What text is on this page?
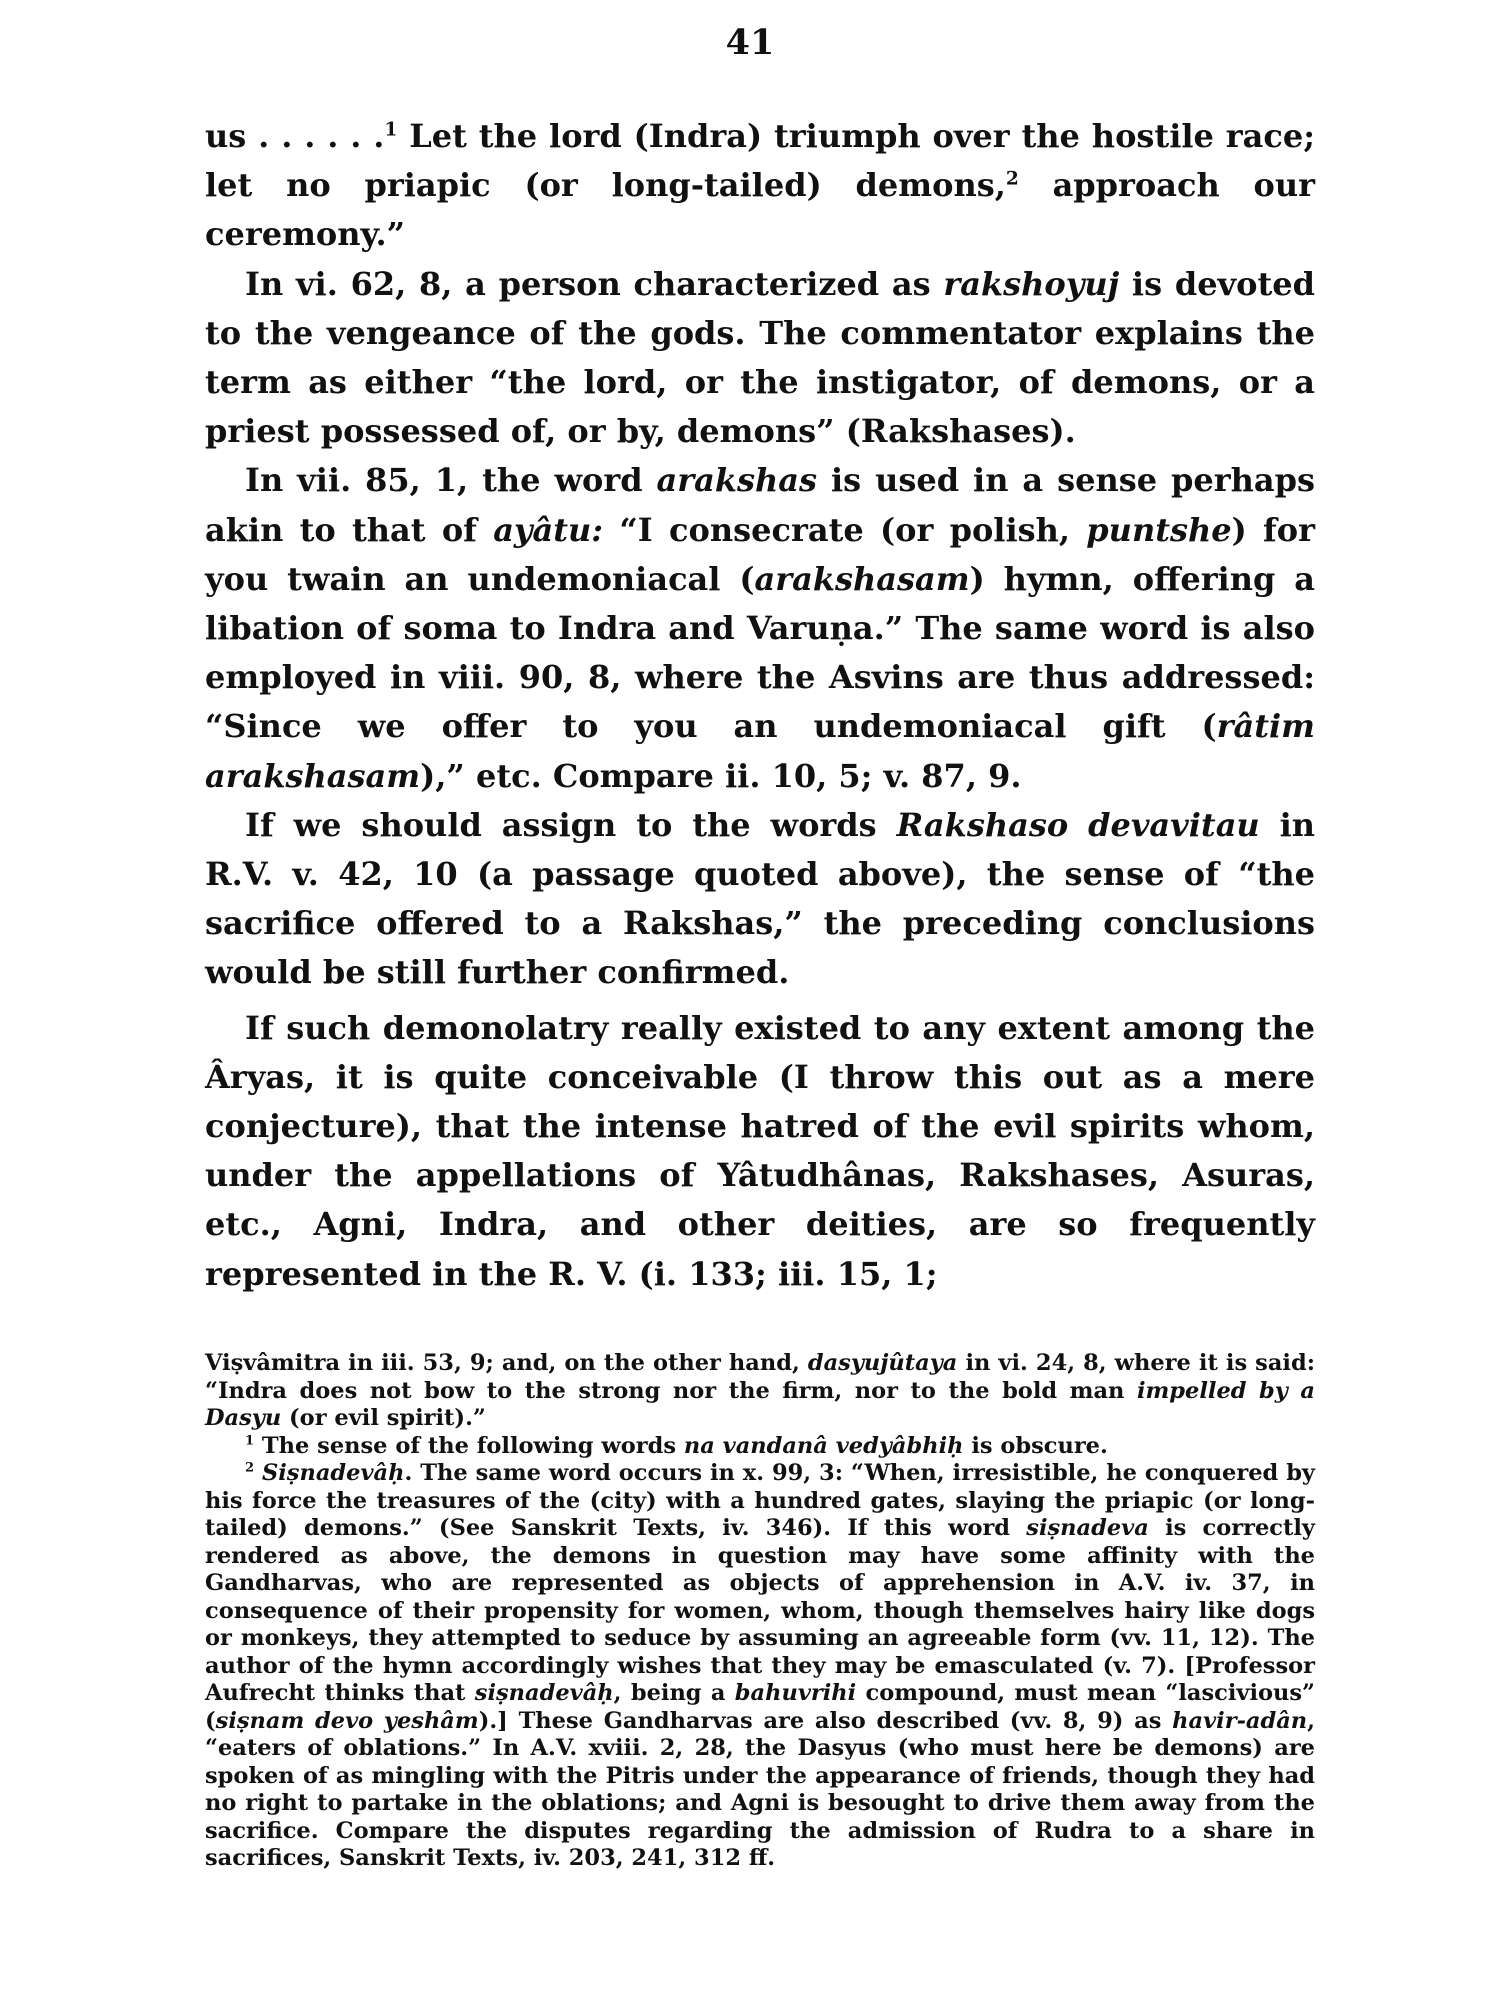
41

us . . . . . .$^1$ Let the lord (Indra) triumph over the hostile race; let no priapic (or long-tailed) demons,$^2$ approach our ceremony.”

In vi. 62, 8, a person characterized as rakshoyuj is devoted to the vengeance of the gods. The commentator explains the term as either “the lord, or the instigator, of demons, or a priest possessed of, or by, demons” (Rakshases).

In vii. 85, 1, the word arakshas is used in a sense perhaps akin to that of ayâtu: “I consecrate (or polish, puntshe) for you twain an undemoniacal (arakshasam) hymn, offering a libation of soma to Indra and Varuṇa.” The same word is also employed in viii. 90, 8, where the Asvins are thus addressed: “Since we offer to you an undemoniacal gift (râtim arakshasam),” etc. Compare ii. 10, 5; v. 87, 9.

If we should assign to the words Rakshaso devavitau in R.V. v. 42, 10 (a passage quoted above), the sense of “the sacrifice offered to a Rakshas,” the preceding conclusions would be still further confirmed.

If such demonolatry really existed to any extent among the Âryas, it is quite conceivable (I throw this out as a mere conjecture), that the intense hatred of the evil spirits whom, under the appellations of Yâtudhânas, Rakshases, Asuras, etc., Agni, Indra, and other deities, are so frequently represented in the R. V. (i. 133; iii. 15, 1;

Viṣvâmitra in iii. 53, 9; and, on the other hand, dasyujûtaya in vi. 24, 8, where it is said: “Indra does not bow to the strong nor the firm, nor to the bold man impelled by a Dasyu (or evil spirit).”

$^1$ The sense of the following words na vandanâ vedyâbhiḥ is obscure.

$^2$ Siṣnadevâḥ. The same word occurs in x. 99, 3: “When, irresistible, he conquered by his force the treasures of the (city) with a hundred gates, slaying the priapic (or long-tailed) demons.” (See Sanskrit Texts, iv. 346). If this word siṣnadeva is correctly rendered as above, the demons in question may have some affinity with the Gandharvas, who are represented as objects of apprehension in A.V. iv. 37, in consequence of their propensity for women, whom, though themselves hairy like dogs or monkeys, they attempted to seduce by assuming an agreeable form (vv. 11, 12). The author of the hymn accordingly wishes that they may be emasculated (v. 7). [Professor Aufrecht thinks that siṣnadevâḥ, being a bahuvrihi compound, must mean “lascivious” (siṣnam devo yeshâm).] These Gandharvas are also described (vv. 8, 9) as havir-adân, “eaters of oblations.” In A.V. xviii. 2, 28, the Dasyus (who must here be demons) are spoken of as mingling with the Pitris under the appearance of friends, though they had no right to partake in the oblations; and Agni is besought to drive them away from the sacrifice. Compare the disputes regarding the admission of Rudra to a share in sacrifices, Sanskrit Texts, iv. 203, 241, 312 ff.
